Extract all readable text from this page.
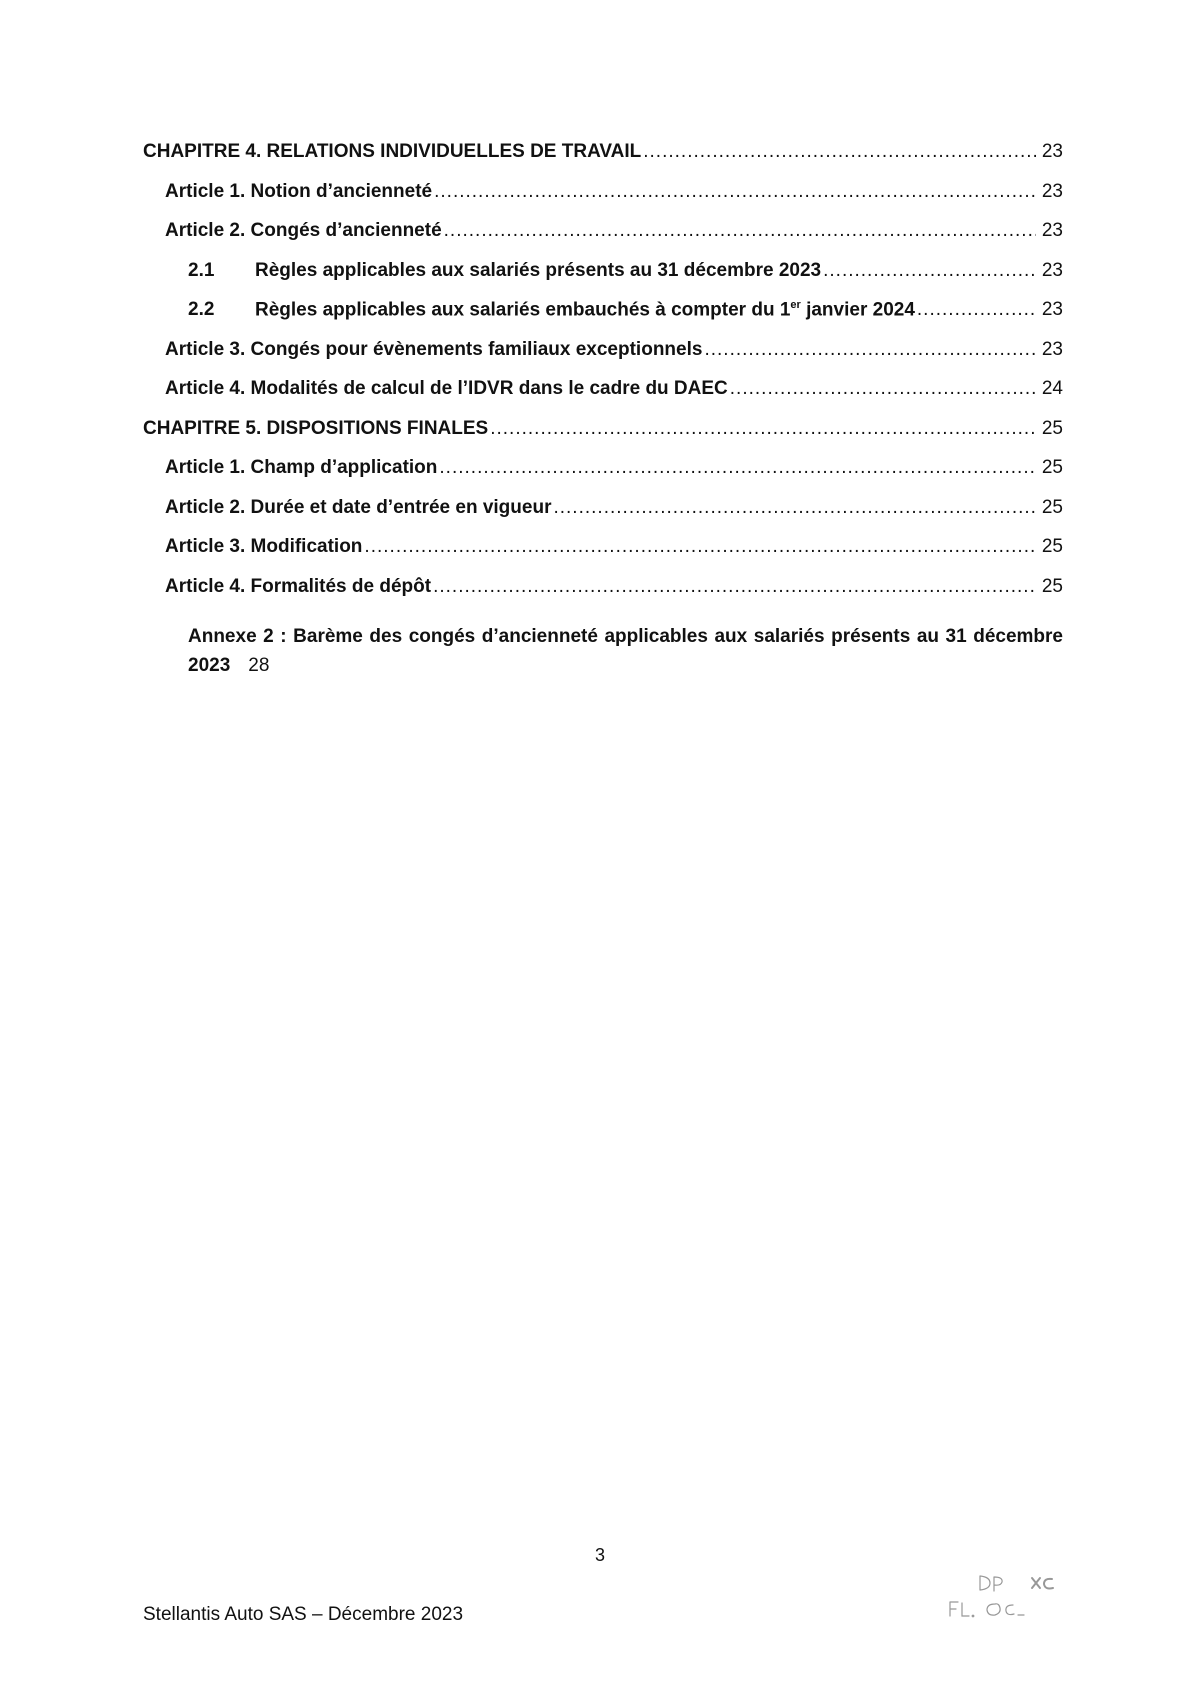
CHAPITRE 4. RELATIONS INDIVIDUELLES DE TRAVAIL .....	23
Article 1. Notion d’ancienneté .....	23
Article 2. Congés d’ancienneté .....	23
2.1	Règles applicables aux salariés présents au 31 décembre 2023 .....	23
2.2	Règles applicables aux salariés embauchés à compter du 1er janvier 2024 .....	23
Article 3. Congés pour évènements familiaux exceptionnels .....	23
Article 4. Modalités de calcul de l’IDVR dans le cadre du DAEC .....	24
CHAPITRE 5. DISPOSITIONS FINALES .....	25
Article 1. Champ d’application .....	25
Article 2. Durée et date d’entrée en vigueur .....	25
Article 3. Modification .....	25
Article 4. Formalités de dépôt .....	25
Annexe 2 : Barème des congés d’ancienneté applicables aux salariés présents au 31 décembre
2023 28
3
Stellantis Auto SAS – Décembre 2023
